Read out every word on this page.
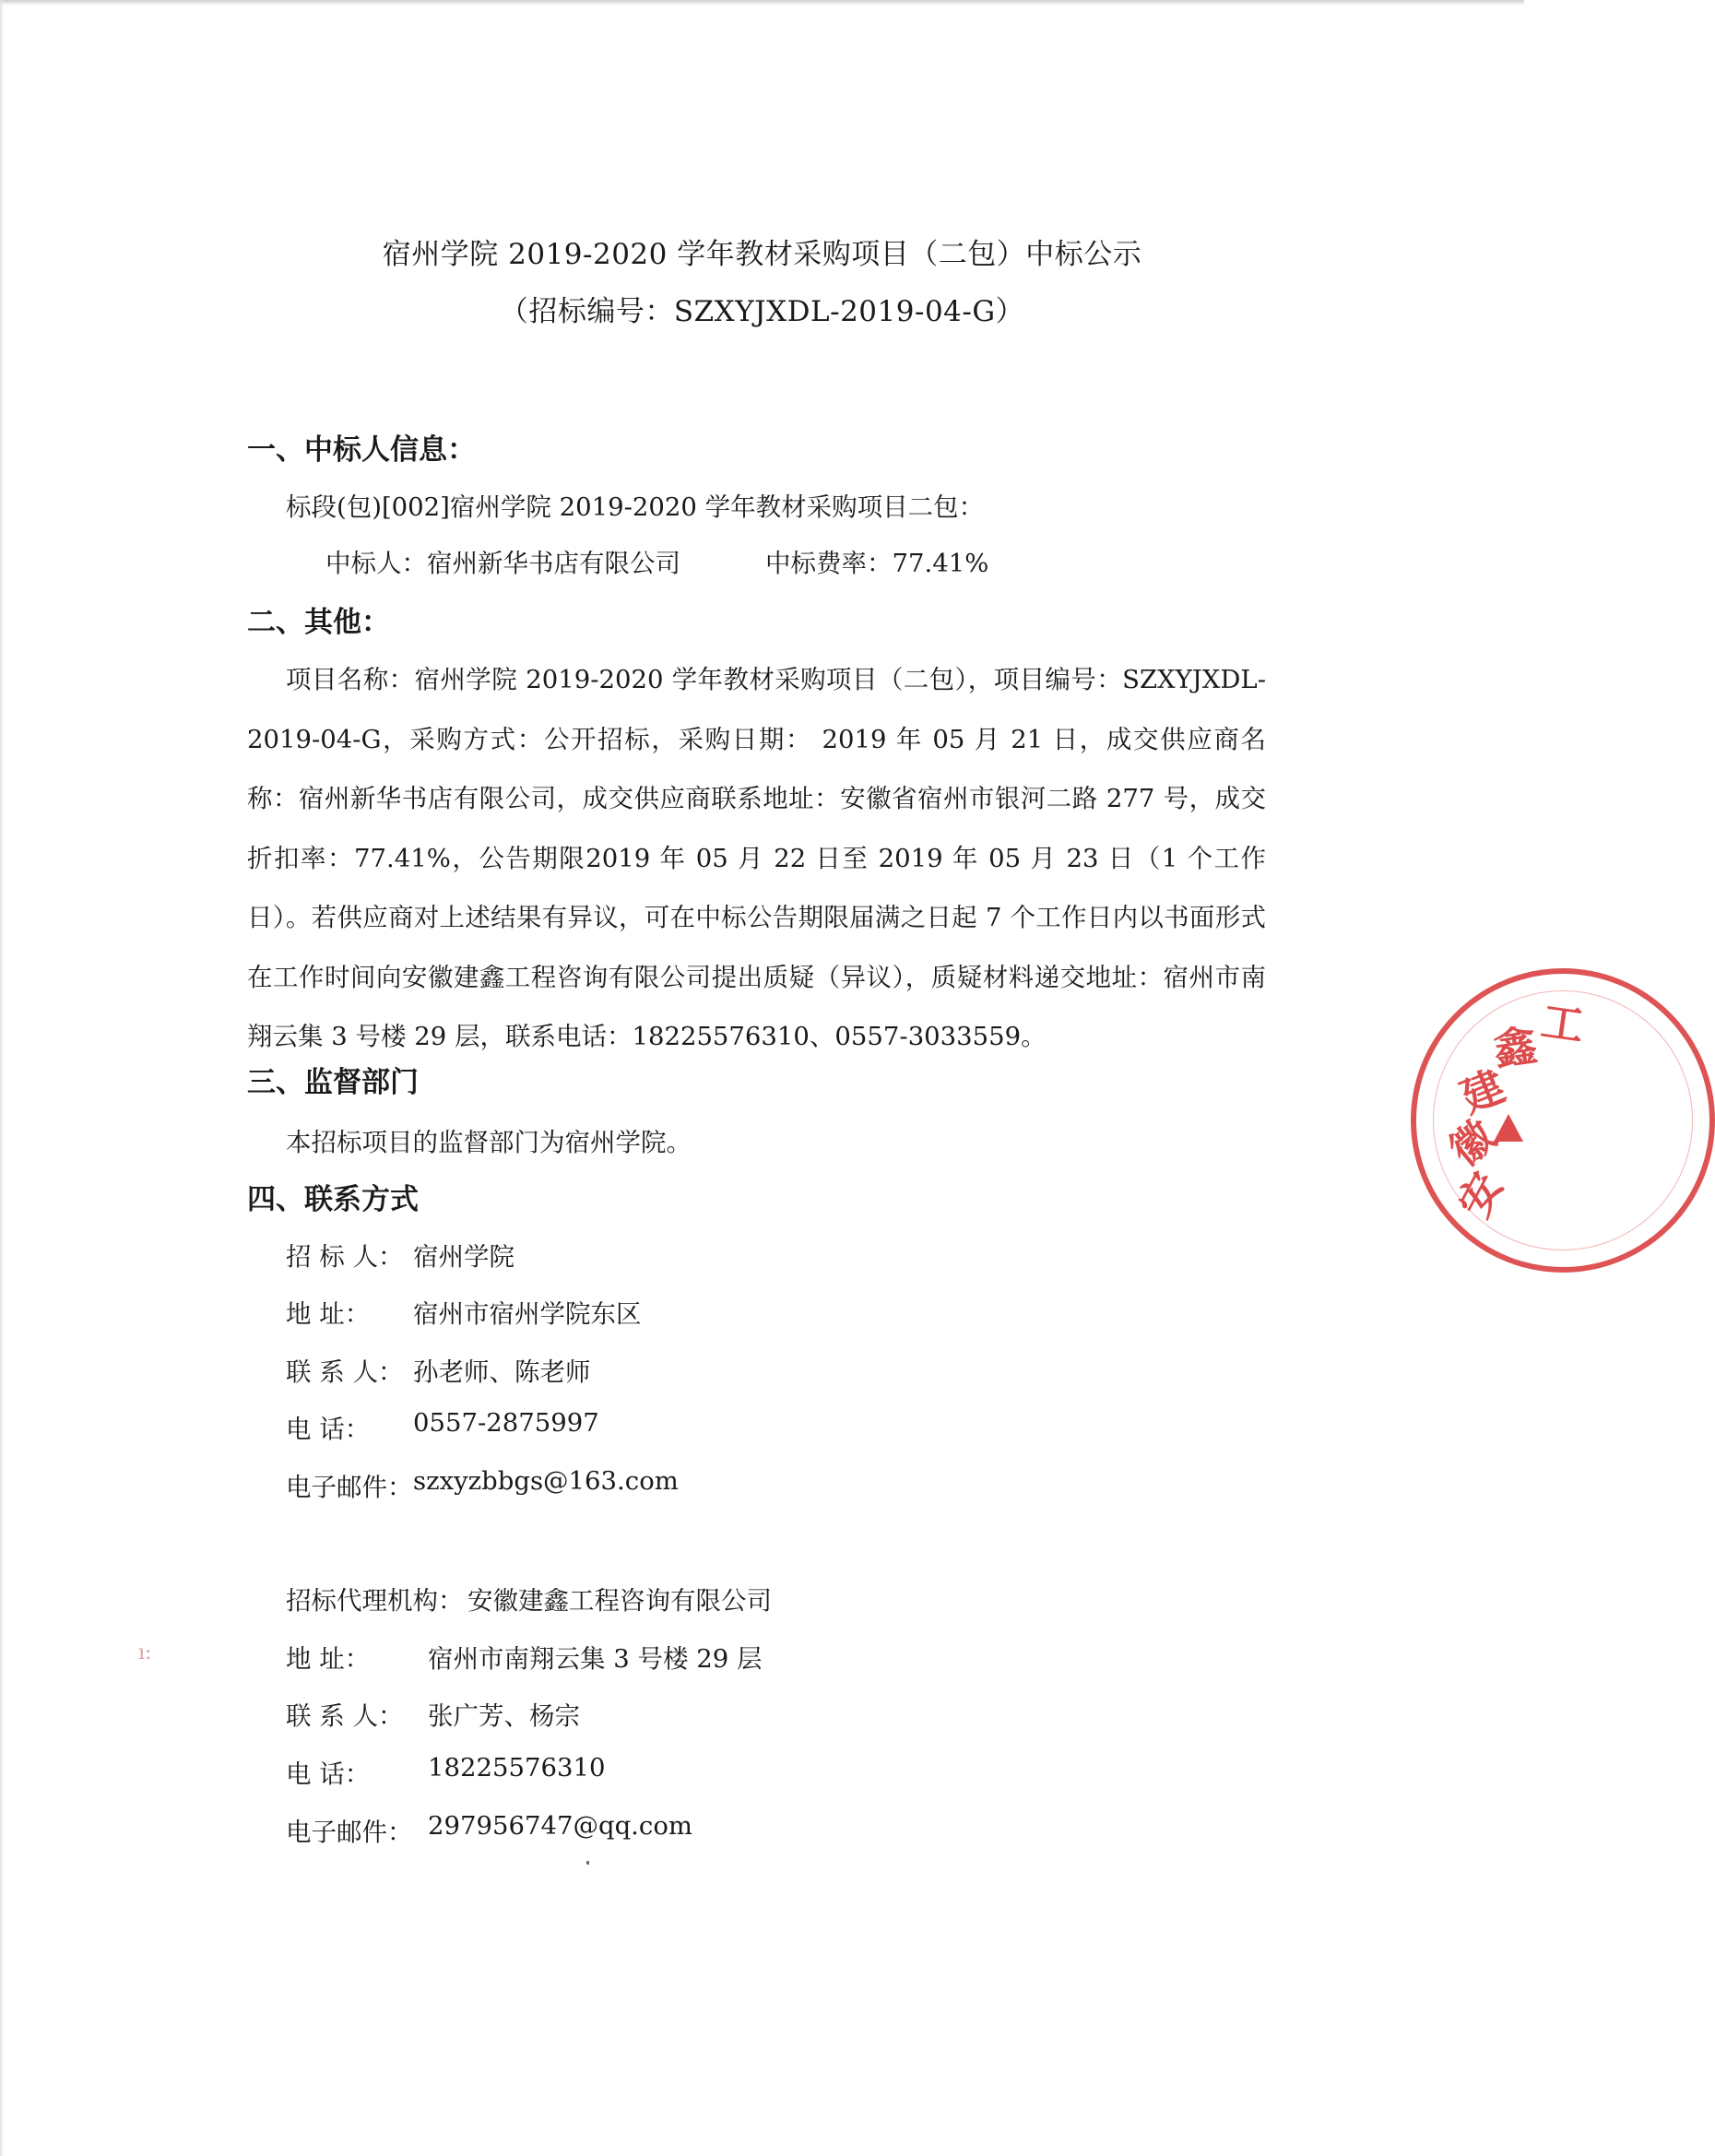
宿州学院 2019-2020 学年教材采购项目（二包）中标公示
（招标编号：SZXYJXDL-2019-04-G）
一、中标人信息：
标段(包)[002]宿州学院 2019-2020 学年教材采购项目二包：
中标人：宿州新华书店有限公司	中标费率：77.41%
二、其他：
项目名称：宿州学院 2019-2020 学年教材采购项目（二包），项目编号：SZXYJXDL-2019-04-G，采购方式：公开招标，采购日期： 2019 年 05 月 21 日，成交供应商名称：宿州新华书店有限公司，成交供应商联系地址：安徽省宿州市银河二路 277 号，成交折扣率：77.41%，公告期限2019 年 05 月 22 日至 2019 年 05 月 23 日（1 个工作日）。若供应商对上述结果有异议，可在中标公告期限届满之日起 7 个工作日内以书面形式在工作时间向安徽建鑫工程咨询有限公司提出质疑（异议），质疑材料递交地址：宿州市南翔云集 3 号楼 29 层，联系电话：18225576310、0557-3033559。
三、监督部门
本招标项目的监督部门为宿州学院。
四、联系方式
招 标 人： 宿州学院
地 址： 宿州市宿州学院东区
联 系 人： 孙老师、陈老师
电 话： 0557-2875997
电子邮件： szxyzbbgs@163.com
招标代理机构： 安徽建鑫工程咨询有限公司
地 址： 宿州市南翔云集 3 号楼 29 层
联 系 人： 张广芳、杨宗
电 话： 18225576310
电子邮件： 297956747@qq.com
安
徽
建
鑫
工
ı:
